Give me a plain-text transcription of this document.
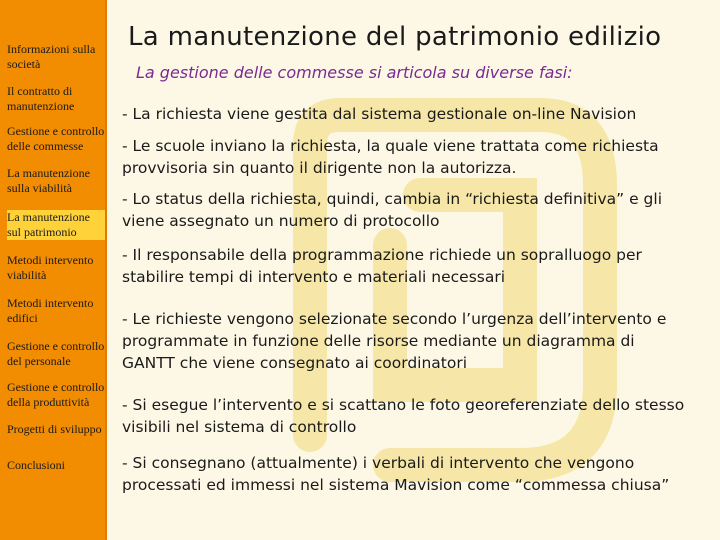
Informazioni sulla società
Il contratto di manutenzione
Gestione e controllo delle commesse
La manutenzione sulla viabilità
La manutenzione sul patrimonio
Metodi intervento viabilità
Metodi intervento edifici
Gestione e controllo del personale
Gestione e controllo della produttività
Progetti di sviluppo
Conclusioni
La manutenzione del patrimonio edilizio
La gestione delle commesse si articola su diverse fasi:
- La richiesta viene gestita dal sistema gestionale on-line Navision
- Le scuole inviano la richiesta, la quale viene trattata come richiesta provvisoria sin quanto il dirigente non la autorizza.
- Lo status della richiesta, quindi, cambia in “richiesta definitiva” e gli viene assegnato un numero di protocollo
- Il responsabile della programmazione richiede un sopralluogo per stabilire tempi di intervento e materiali necessari
- Le richieste vengono selezionate secondo l’urgenza dell’intervento e programmate in funzione delle risorse mediante un diagramma di GANTT che viene consegnato ai coordinatori
- Si esegue l’intervento e si scattano le foto georeferenziate dello stesso visibili nel sistema di controllo
- Si consegnano (attualmente) i verbali di intervento che vengono processati ed immessi nel sistema Mavision come “commessa chiusa”
